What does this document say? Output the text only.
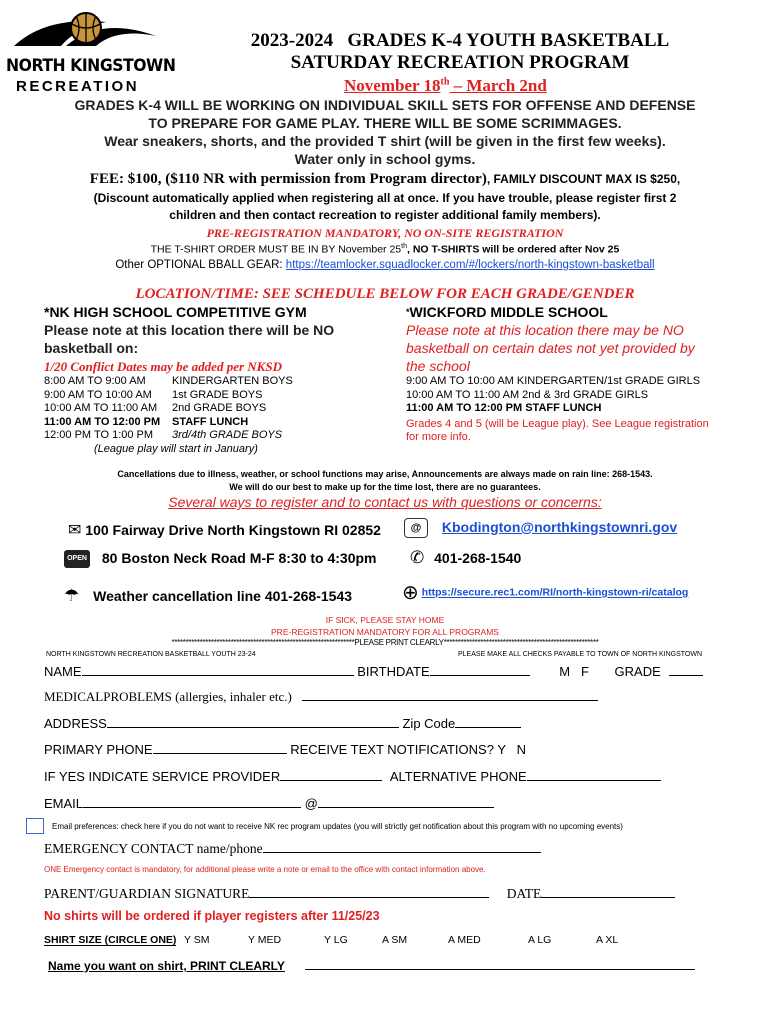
NORTH KINGSTOWN
RECREATION
2023-2024   GRADES K-4 YOUTH BASKETBALL
SATURDAY RECREATION PROGRAM
November 18th – March 2nd
GRADES K-4 WILL BE WORKING ON INDIVIDUAL SKILL SETS FOR OFFENSE AND DEFENSE
TO PREPARE FOR GAME PLAY. THERE WILL BE SOME SCRIMMAGES.
Wear sneakers, shorts, and the provided T shirt (will be given in the first few weeks).
Water only in school gyms.
FEE: $100, ($110 NR with permission from Program director), FAMILY DISCOUNT MAX IS $250,
(Discount automatically applied when registering all at once. If you have trouble, please register first 2
children and then contact recreation to register additional family members).
PRE-REGISTRATION MANDATORY, NO ON-SITE REGISTRATION
THE T-SHIRT ORDER MUST BE IN BY November 25th, NO T-SHIRTS will be ordered after Nov 25
Other OPTIONAL BBALL GEAR: https://teamlocker.squadlocker.com/#/lockers/north-kingstown-basketball
LOCATION/TIME: SEE SCHEDULE BELOW FOR EACH GRADE/GENDER
*NK HIGH SCHOOL COMPETITIVE GYM
Please note at this location there will be NO
basketball on:
1/20 Conflict Dates may be added per NKSD
8:00 AM TO 9:00 AM KINDERGARTEN BOYS
9:00 AM TO 10:00 AM 1st GRADE BOYS
10:00 AM TO 11:00 AM 2nd GRADE BOYS
11:00 AM TO 12:00 PM STAFF LUNCH
12:00 PM TO 1:00 PM 3rd/4th GRADE BOYS
(League play will start in January)
*WICKFORD MIDDLE SCHOOL
Please note at this location there may be NO
basketball on certain dates not yet provided by
the school
9:00 AM TO 10:00 AM KINDERGARTEN/1st GRADE GIRLS
10:00 AM TO 11:00 AM 2nd & 3rd GRADE GIRLS
11:00 AM TO 12:00 PM STAFF LUNCH
Grades 4 and 5 (will be League play). See League registration
for more info.
Cancellations due to illness, weather, or school functions may arise, Announcements are always made on rain line: 268-1543.
We will do our best to make up for the time lost, there are no guarantees.
Several ways to register and to contact us with questions or concerns:
✉ 100 Fairway Drive North Kingstown RI 02852	@ Kbodington@northkingstownri.gov
OPEN 80 Boston Neck Road M-F 8:30 to 4:30pm ✆ 401-268-1540
☂ Weather cancellation line 401-268-1543 ⊕ https://secure.rec1.com/RI/north-kingstown-ri/catalog
IF SICK, PLEASE STAY HOME
PRE-REGISTRATION MANDATORY FOR ALL PROGRAMS
*****************************************************************PLEASE PRINT CLEARLY*******************************************************
NORTH KINGSTOWN RECREATION BASKETBALL YOUTH 23-24	PLEASE MAKE ALL CHECKS PAYABLE TO TOWN OF NORTH KINGSTOWN
NAME	BIRTHDATE	M   F GRADE
MEDICALPROBLEMS (allergies, inhaler etc.)
ADDRESS	Zip Code
PRIMARY PHONE	RECEIVE TEXT NOTIFICATIONS? Y   N
IF YES INDICATE SERVICE PROVIDER	ALTERNATIVE PHONE
EMAIL	@
Email preferences: check here if you do not want to receive NK rec program updates (you will strictly get notification about this program with no upcoming events)
EMERGENCY CONTACT name/phone
ONE Emergency contact is mandatory, for additional please write a note or email to the office with contact information above.
PARENT/GUARDIAN SIGNATURE	DATE
No shirts will be ordered if player registers after 11/25/23
SHIRT SIZE (CIRCLE ONE) Y SM	Y MED	Y LG	A SM	A MED	A LG	A XL
Name you want on shirt, PRINT CLEARLY
